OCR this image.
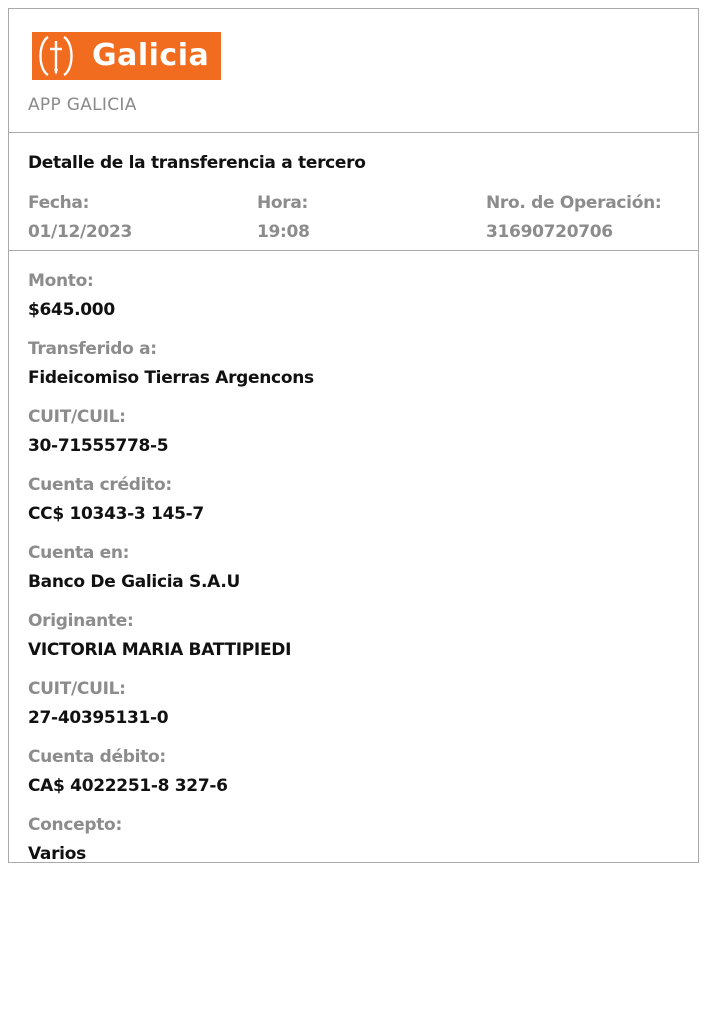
Galicia
APP GALICIA
Detalle de la transferencia a tercero
Fecha:
01/12/2023
Hora:
19:08
Nro. de Operación:
31690720706
Monto:
$645.000
Transferido a:
Fideicomiso Tierras Argencons
CUIT/CUIL:
30-71555778-5
Cuenta crédito:
CC$ 10343-3 145-7
Cuenta en:
Banco De Galicia S.A.U
Originante:
VICTORIA MARIA BATTIPIEDI
CUIT/CUIL:
27-40395131-0
Cuenta débito:
CA$ 4022251-8 327-6
Concepto:
Varios
